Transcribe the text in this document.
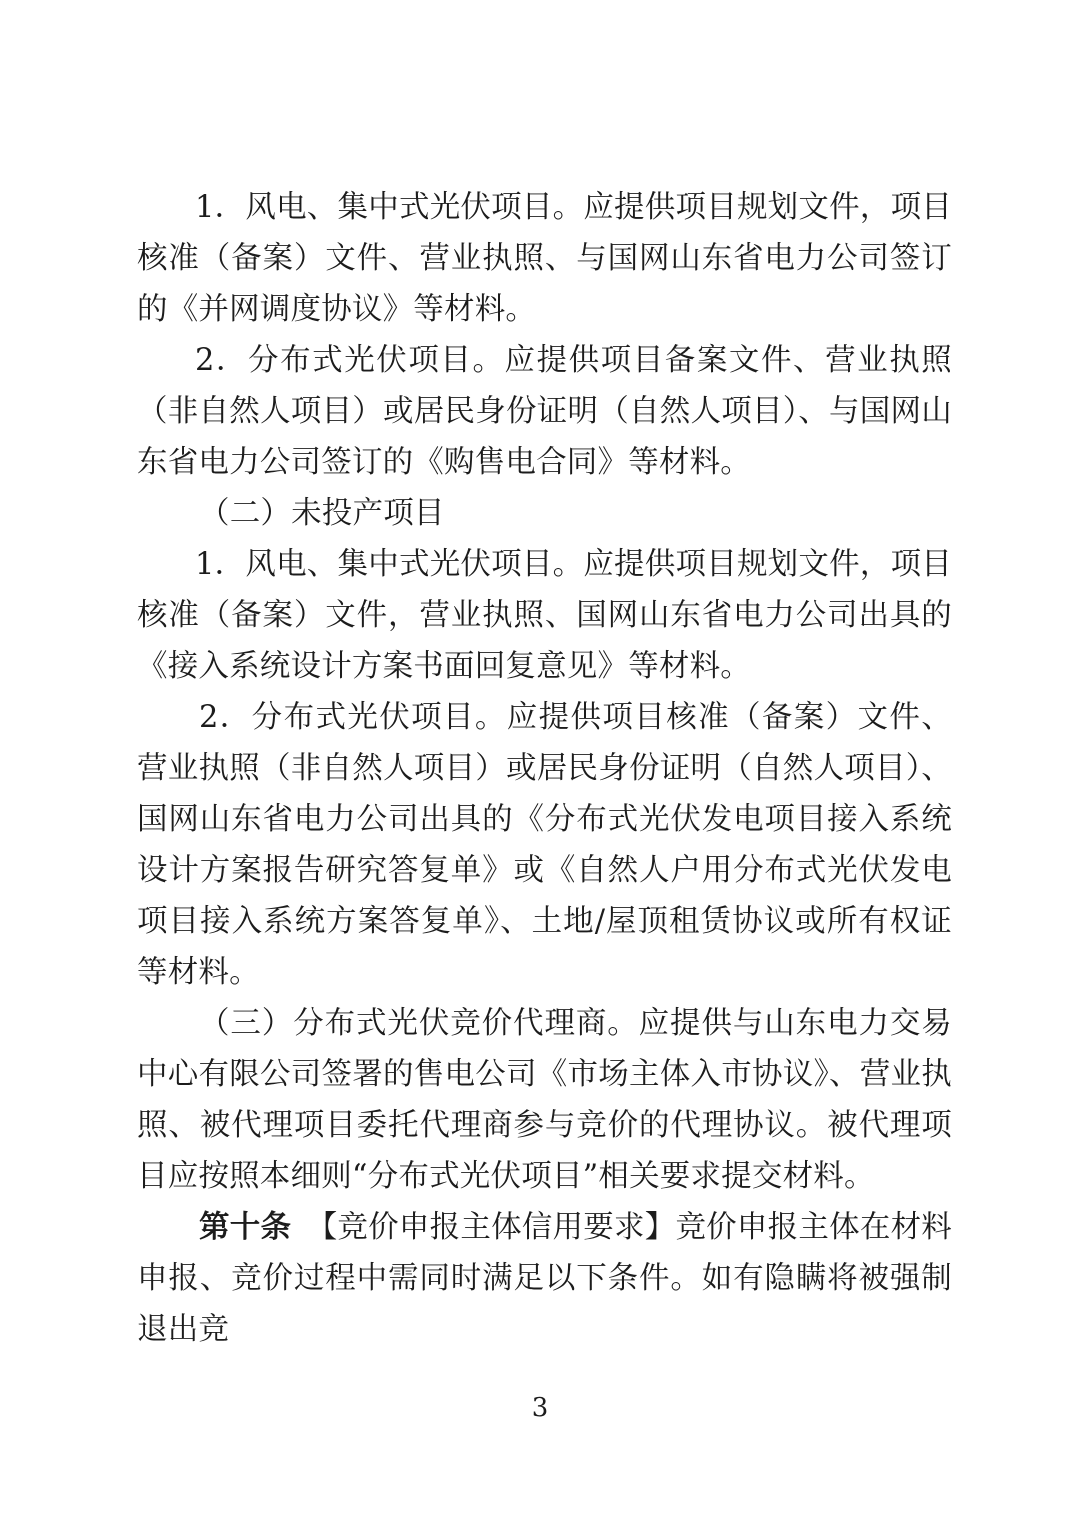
1．风电、集中式光伏项目。应提供项目规划文件，项目核准（备案）文件、营业执照、与国网山东省电力公司签订的《并网调度协议》等材料。

2．分布式光伏项目。应提供项目备案文件、营业执照（非自然人项目）或居民身份证明（自然人项目）、与国网山东省电力公司签订的《购售电合同》等材料。

（二）未投产项目

1．风电、集中式光伏项目。应提供项目规划文件，项目核准（备案）文件，营业执照、国网山东省电力公司出具的《接入系统设计方案书面回复意见》等材料。

2．分布式光伏项目。应提供项目核准（备案）文件、营业执照（非自然人项目）或居民身份证明（自然人项目）、国网山东省电力公司出具的《分布式光伏发电项目接入系统设计方案报告研究答复单》或《自然人户用分布式光伏发电项目接入系统方案答复单》、土地/屋顶租赁协议或所有权证等材料。

（三）分布式光伏竞价代理商。应提供与山东电力交易中心有限公司签署的售电公司《市场主体入市协议》、营业执照、被代理项目委托代理商参与竞价的代理协议。被代理项目应按照本细则“分布式光伏项目”相关要求提交材料。

第十条　 【竞价申报主体信用要求】竞价申报主体在材料申报、竞价过程中需同时满足以下条件。如有隐瞒将被强制退出竞

3
